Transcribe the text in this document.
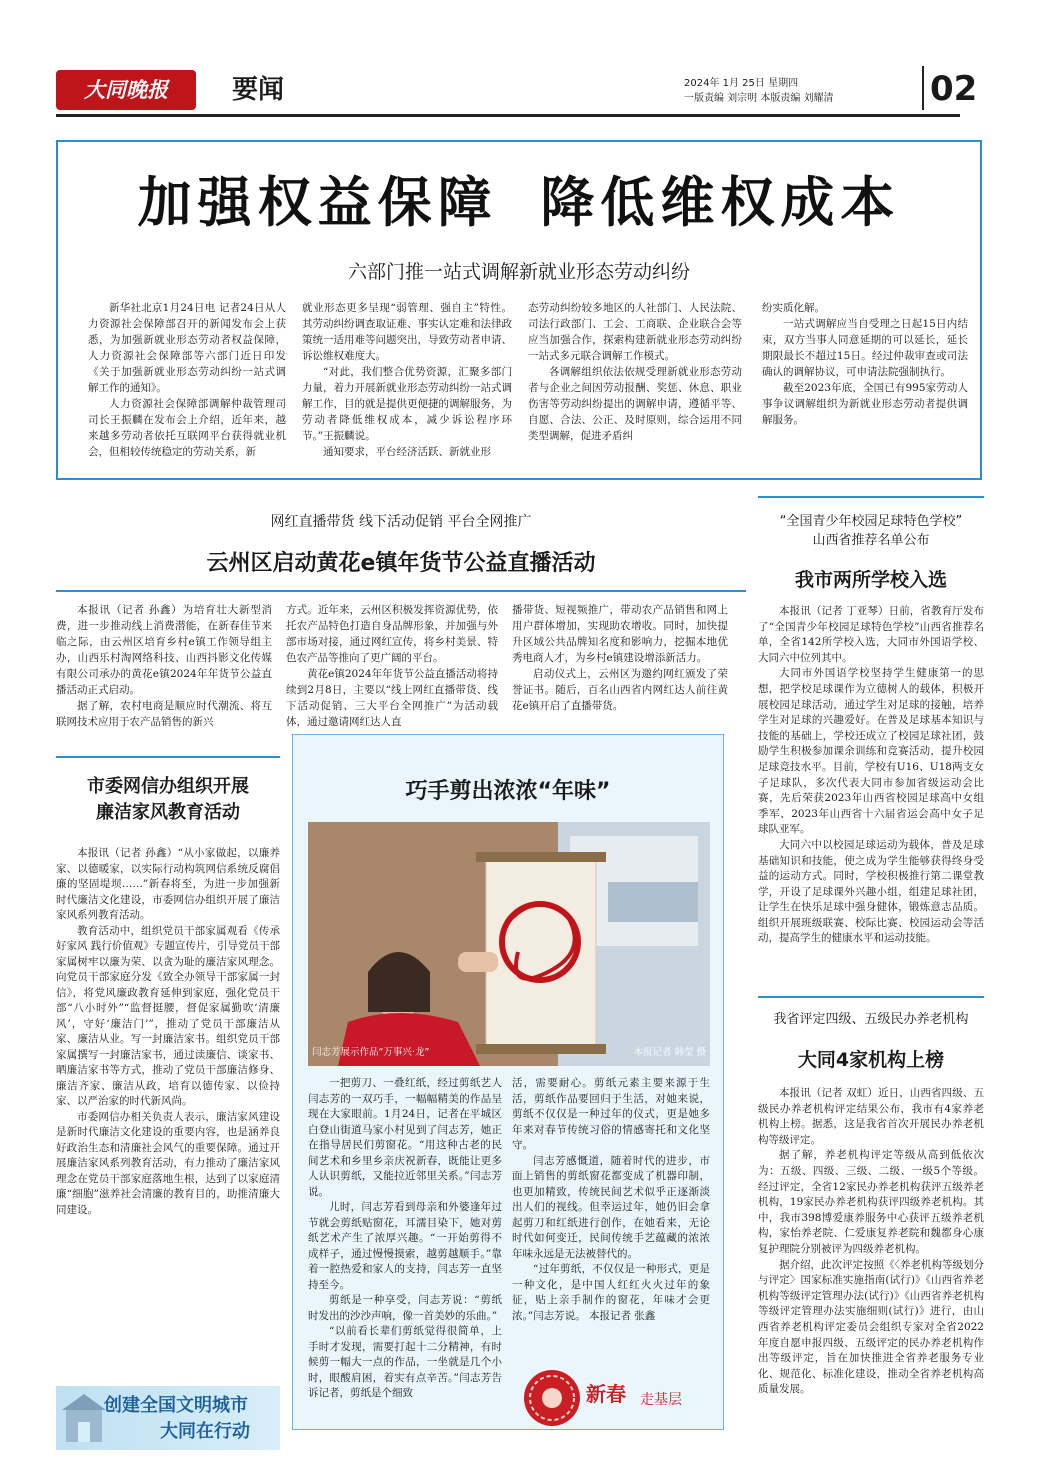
大同晚报	要闻	2024年 1月 25日 星期四
一版责编 刘宗明 本版责编 刘耀清	02
加强权益保障 降低维权成本
六部门推一站式调解新就业形态劳动纠纷

新华社北京1月24日电 记者24日从人力资源社会保障部召开的新闻发布会上获悉，为加强新就业形态劳动者权益保障，人力资源社会保障部等六部门近日印发《关于加强新就业形态劳动纠纷一站式调解工作的通知》。

人力资源社会保障部调解仲裁管理司司长王振麟在发布会上介绍，近年来，越来越多劳动者依托互联网平台获得就业机会，但相较传统稳定的劳动关系，新

就业形态更多呈现“弱管理、强自主”特性。其劳动纠纷调查取证难、事实认定难和法律政策统一适用难等问题突出，导致劳动者申请、诉讼维权难度大。

“对此，我们整合优势资源，汇聚多部门力量，着力开展新就业形态劳动纠纷一站式调解工作，目的就是提供更便捷的调解服务，为劳动者降低维权成本，减少诉讼程序环节。”王振麟说。

通知要求，平台经济活跃、新就业形

态劳动纠纷较多地区的人社部门、人民法院、司法行政部门、工会、工商联、企业联合会等应当加强合作，探索构建新就业形态劳动纠纷一站式多元联合调解工作模式。

各调解组织依法依规受理新就业形态劳动者与企业之间因劳动报酬、奖惩、休息、职业伤害等劳动纠纷提出的调解申请，遵循平等、自愿、合法、公正、及时原则，综合运用不同类型调解，促进矛盾纠

纷实质化解。

一站式调解应当自受理之日起15日内结束，双方当事人同意延期的可以延长，延长期限最长不超过15日。经过仲裁审查或司法确认的调解协议，可申请法院强制执行。

截至2023年底，全国已有995家劳动人事争议调解组织为新就业形态劳动者提供调解服务。

网红直播带货 线下活动促销 平台全网推广
云州区启动黄花e镇年货节公益直播活动

本报讯（记者 孙鑫）为培育壮大新型消费，进一步推动线上消费潜能，在新春佳节来临之际，由云州区培育乡村e镇工作领导组主办，山西乐村淘网络科技、山西抖影文化传媒有限公司承办的黄花e镇2024年年货节公益直播活动正式启动。

据了解，农村电商是顺应时代潮流、将互联网技术应用于农产品销售的新兴

方式。近年来，云州区积极发挥资源优势，依托农产品特色打造自身品牌形象，并加强与外部市场对接，通过网红宣传，将乡村美景、特色农产品等推向了更广阔的平台。

黄花e镇2024年年货节公益直播活动将持续到2月8日，主要以“线上网红直播带货、线下活动促销、三大平台全网推广”为活动载体，通过邀请网红达人直

播带货、短视频推广，带动农产品销售和网上用户群体增加，实现助农增收。同时，加快提升区域公共品牌知名度和影响力，挖掘本地优秀电商人才，为乡村e镇建设增添新活力。

启动仪式上，云州区为邀约网红颁发了荣誉证书。随后，百名山西省内网红达人前往黄花e镇开启了直播带货。

“全国青少年校园足球特色学校”
山西省推荐名单公布
我市两所学校入选

本报讯（记者 丁亚琴）日前，省教育厅发布了“全国青少年校园足球特色学校”山西省推荐名单，全省142所学校入选，大同市外国语学校、大同六中位列其中。

大同市外国语学校坚持学生健康第一的思想，把学校足球课作为立德树人的载体，积极开展校园足球活动，通过学生对足球的接触，培养学生对足球的兴趣爱好。在普及足球基本知识与技能的基础上，学校还成立了校园足球社团，鼓励学生积极参加课余训练和竞赛活动，提升校园足球竞技水平。目前，学校有U16、U18两支女子足球队，多次代表大同市参加省级运动会比赛，先后荣获2023年山西省校园足球高中女组季军、2023年山西省十六届省运会高中女子足球队亚军。

大同六中以校园足球运动为载体，普及足球基础知识和技能，使之成为学生能够获得终身受益的运动方式。同时，学校积极推行第二课堂教学，开设了足球课外兴趣小组，组建足球社团，让学生在快乐足球中强身健体，锻炼意志品质。组织开展班级联赛、校际比赛、校园运动会等活动，提高学生的健康水平和运动技能。

我省评定四级、五级民办养老机构
大同4家机构上榜

本报讯（记者 双虹）近日，山西省四级、五级民办养老机构评定结果公布，我市有4家养老机构上榜。据悉，这是我省首次开展民办养老机构等级评定。

据了解，养老机构评定等级从高到低依次为：五级、四级、三级、二级、一级5个等级。经过评定，全省12家民办养老机构获评五级养老机构，19家民办养老机构获评四级养老机构。其中，我市398博爱康养服务中心获评五级养老机构，家怡养老院、仁爱康复养老院和魏都身心康复护理院分别被评为四级养老机构。

据介绍，此次评定按照《〈养老机构等级划分与评定〉国家标准实施指南(试行)》《山西省养老机构等级评定管理办法(试行)》《山西省养老机构等级评定管理办法实施细则(试行)》进行，由山西省养老机构评定委员会组织专家对全省2022年度自愿申报四级、五级评定的民办养老机构作出等级评定，旨在加快推进全省养老服务专业化、规范化、标准化建设，推动全省养老机构高质量发展。

市委网信办组织开展
廉洁家风教育活动

本报讯（记者 孙鑫）“从小家做起，以廉养家、以德暖家，以实际行动构筑网信系统反腐倡廉的坚固堤坝……”新春将至，为进一步加强新时代廉洁文化建设，市委网信办组织开展了廉洁家风系列教育活动。

教育活动中，组织党员干部家属观看《传承好家风 践行价值观》专题宣传片，引导党员干部家属树牢以廉为荣、以贪为耻的廉洁家风理念。向党员干部家庭分发《致全办领导干部家属一封信》，将党风廉政教育延伸到家庭，强化党员干部“八小时外”“监督挺腰，督促家属勤吹‘清廉风’，守好‘廉洁门’”，推动了党员干部廉洁从家、廉洁从业。写一封廉洁家书。组织党员干部家属撰写一封廉洁家书，通过读廉信、谈家书、晒廉洁家书等方式，推动了党员干部廉洁修身、廉洁齐家、廉洁从政，培育以德传家、以俭持家、以严治家的时代新风尚。

市委网信办相关负责人表示，廉洁家风建设是新时代廉洁文化建设的重要内容，也是涵养良好政治生态和清廉社会风气的重要保障。通过开展廉洁家风系列教育活动，有力推动了廉洁家风理念在党员干部家庭落地生根，达到了以家庭清廉“细胞”滋养社会清廉的教育目的，助推清廉大同建设。

创建全国文明城市
大同在行动
巧手剪出浓浓“年味”
闫志芳展示作品“万事兴·龙”	本报记者 韩莹 摄

一把剪刀、一叠红纸，经过剪纸艺人闫志芳的一双巧手，一幅幅精美的作品呈现在大家眼前。1月24日，记者在平城区白登山街道马家小村见到了闫志芳，她正在指导居民们剪窗花。“用这种古老的民间艺术和乡里乡亲庆祝新春，既能让更多人认识剪纸，又能拉近邻里关系。”闫志芳说。

儿时，闫志芳看到母亲和外婆逢年过节就会剪纸贴窗花，耳濡目染下，她对剪纸艺术产生了浓厚兴趣。“一开始剪得不成样子，通过慢慢摸索，越剪越顺手。”靠着一腔热爱和家人的支持，闫志芳一直坚持至今。

剪纸是一种享受，闫志芳说：“剪纸时发出的沙沙声响，像一首美妙的乐曲。”

“以前看长辈们剪纸觉得很简单，上手时才发现，需要打起十二分精神，有时候剪一幅大一点的作品，一坐就是几个小时，眼酸肩困，着实有点辛苦。”闫志芳告诉记者，剪纸是个细致

活，需要耐心。剪纸元素主要来源于生活，剪纸作品要回归于生活，对她来说，剪纸不仅仅是一种过年的仪式，更是她多年来对春节传统习俗的情感寄托和文化坚守。

闫志芳感慨道，随着时代的进步，市面上销售的剪纸窗花都变成了机器印制，也更加精致，传统民间艺术似乎正逐渐淡出人们的视线。但幸运过年，她仍旧会拿起剪刀和红纸进行创作，在她看来，无论时代如何变迁，民间传统手艺蕴藏的浓浓年味永远是无法被替代的。

“过年剪纸，不仅仅是一种形式，更是一种文化，是中国人红红火火过年的象征，贴上亲手制作的窗花，年味才会更浓。”闫志芳说。 本报记者 张鑫

新春 走基层
